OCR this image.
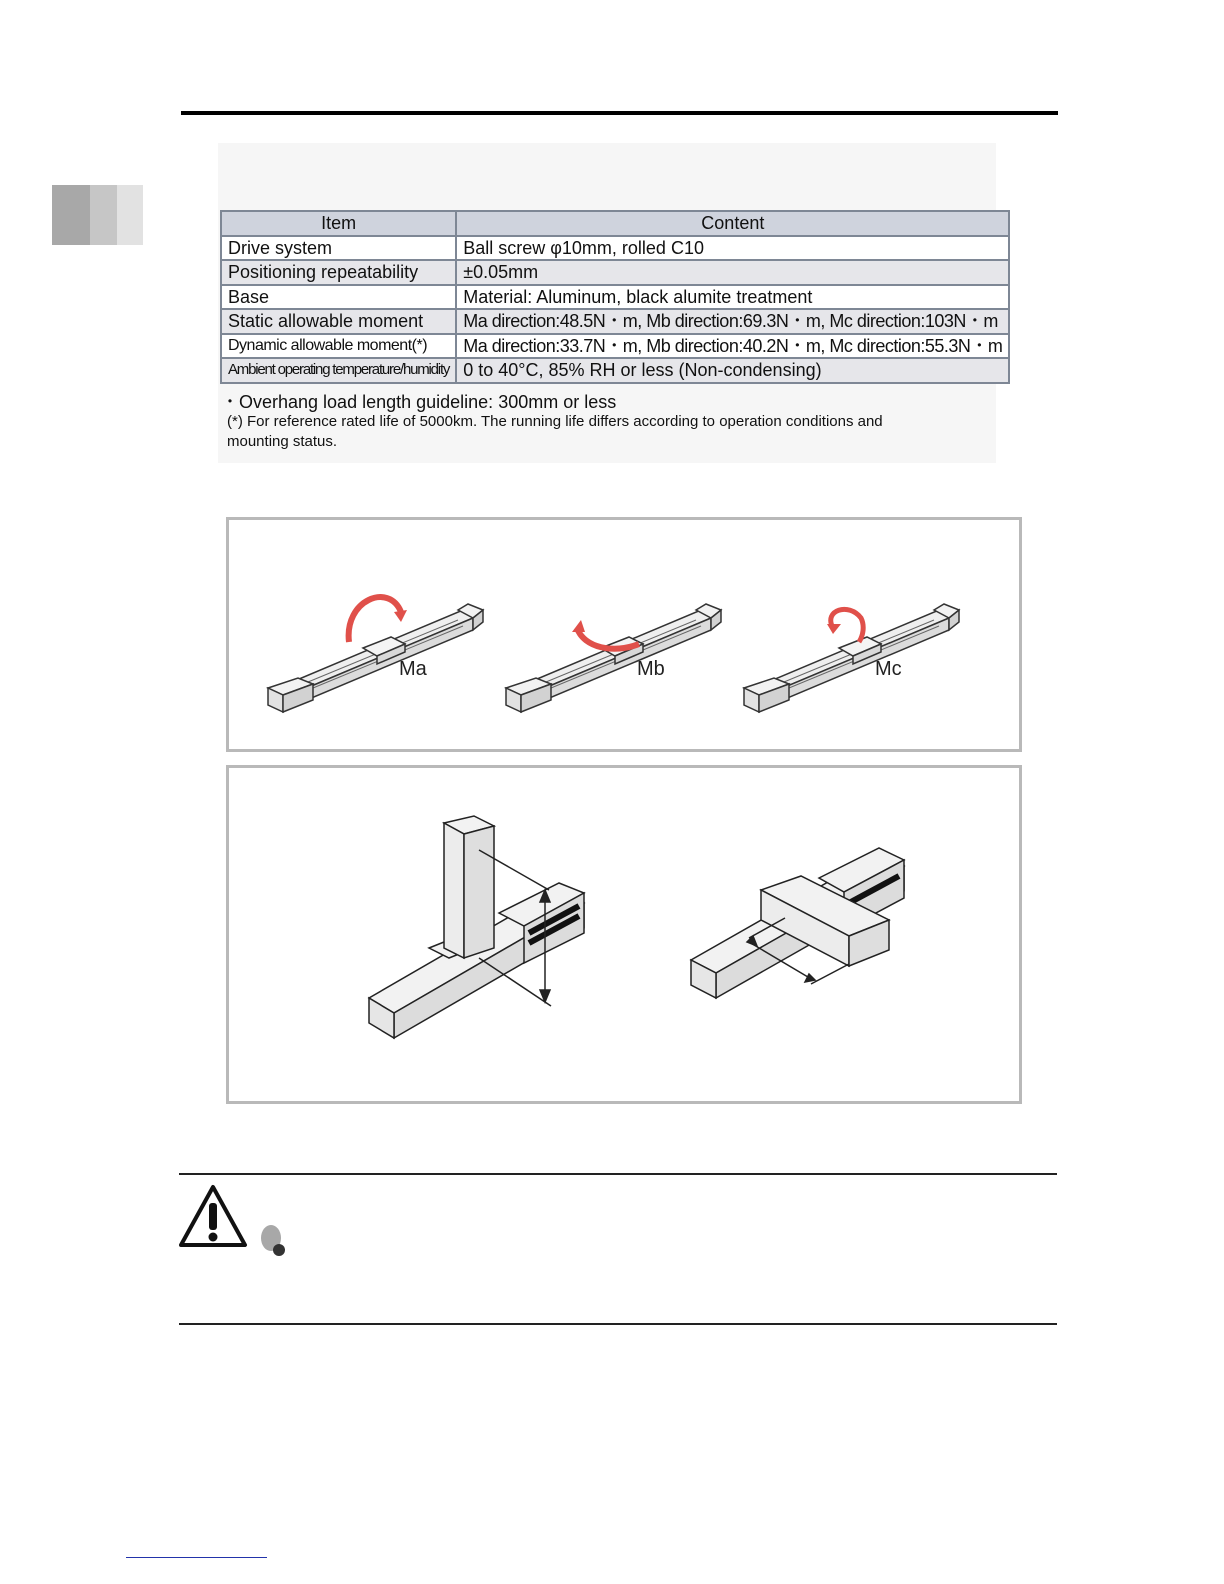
Item	Content
Drive system	Ball screw φ10mm, rolled C10
Positioning repeatability	±0.05mm
Base	Material: Aluminum, black alumite treatment
Static allowable moment	Ma direction:48.5N・m, Mb direction:69.3N・m, Mc direction:103N・m
Dynamic allowable moment(*)	Ma direction:33.7N・m, Mb direction:40.2N・m, Mc direction:55.3N・m
Ambient operating temperature/humidity	0 to 40°C, 85% RH or less (Non-condensing)
・Overhang load length guideline: 300mm or less
(*) For reference rated life of 5000km. The running life differs according to operation conditions and mounting status.
Ma	Mb	Mc
